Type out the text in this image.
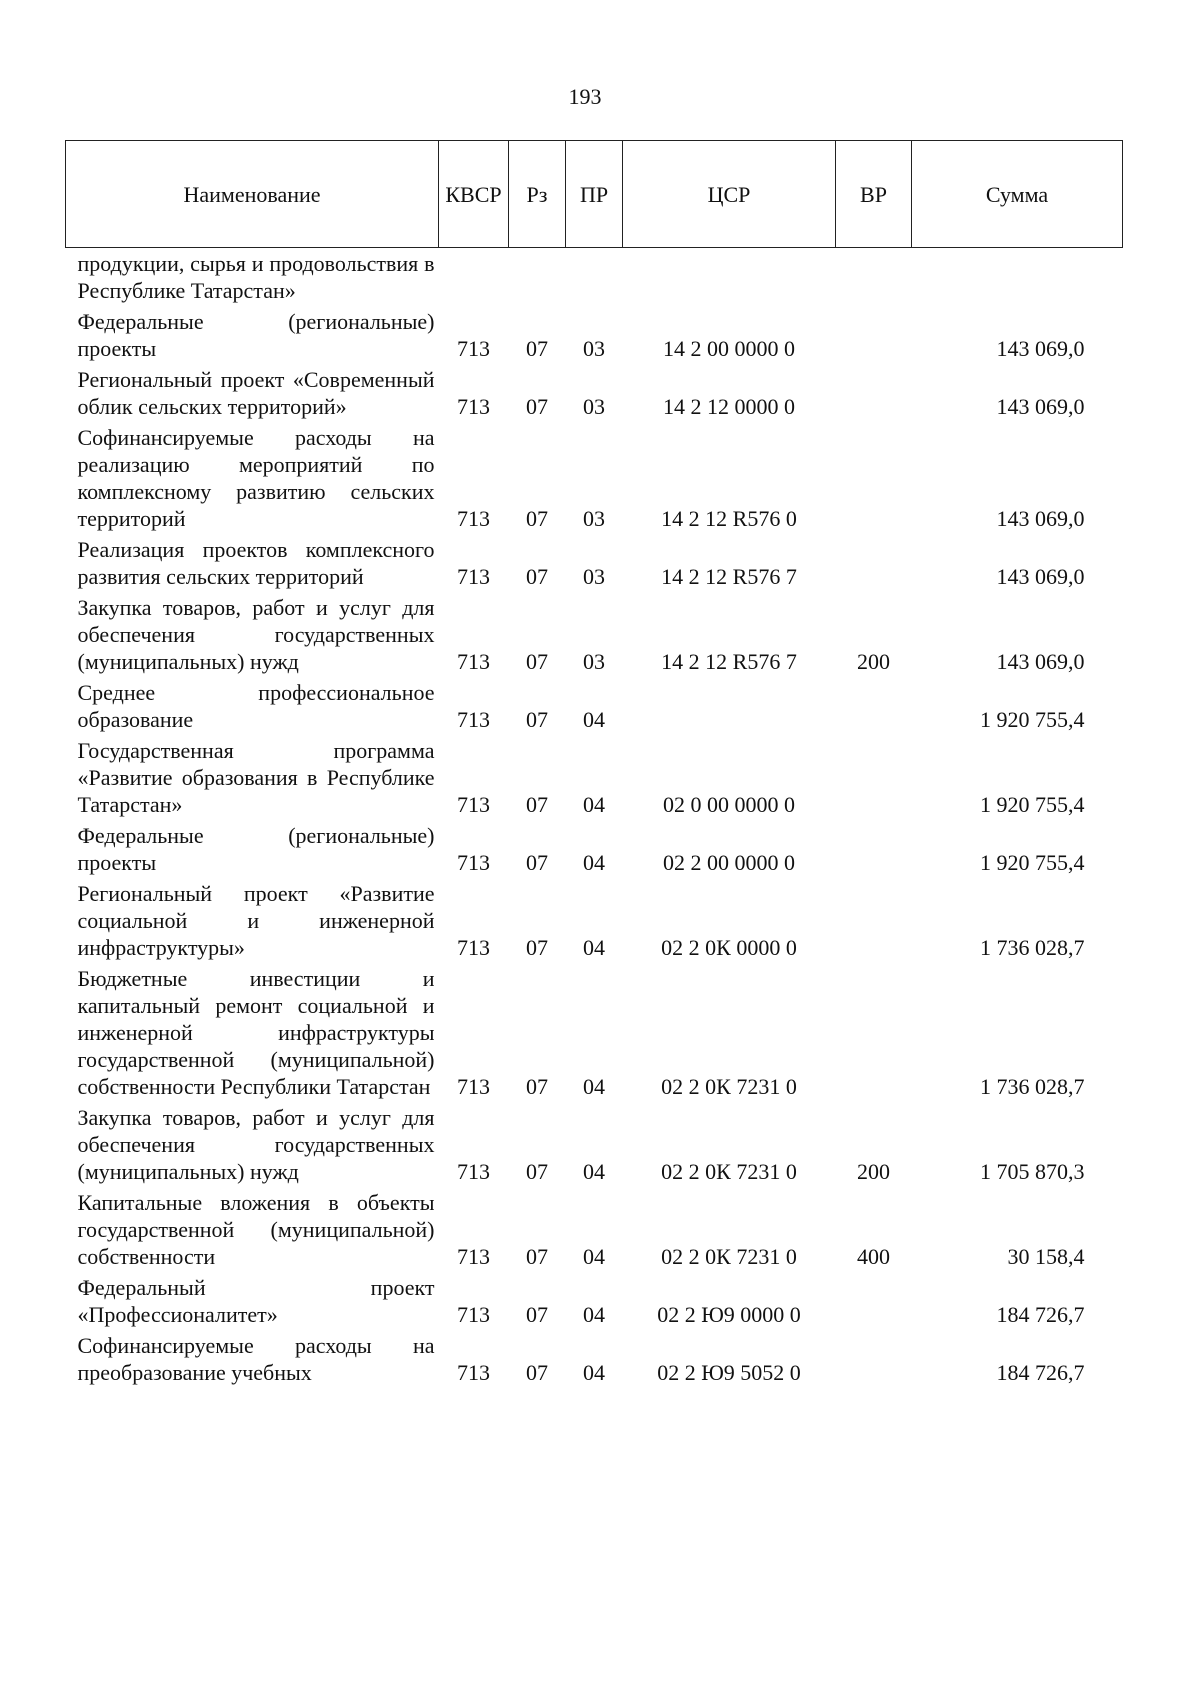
193
Наименование	КВСР	Рз	ПР	ЦСР	ВР	Сумма
продукции, сырья и продовольствия в Республике Татарстан»						
Федеральные (региональные) проекты	713	07	03	14 2 00 0000 0		143 069,0
Региональный проект «Современный облик сельских территорий»	713	07	03	14 2 12 0000 0		143 069,0
Софинансируемые расходы на реализацию мероприятий по комплексному развитию сельских территорий	713	07	03	14 2 12 R576 0		143 069,0
Реализация проектов комплексного развития сельских территорий	713	07	03	14 2 12 R576 7		143 069,0
Закупка товаров, работ и услуг для обеспечения государственных (муниципальных) нужд	713	07	03	14 2 12 R576 7	200	143 069,0
Среднее профессиональное образование	713	07	04			1 920 755,4
Государственная программа «Развитие образования в Республике Татарстан»	713	07	04	02 0 00 0000 0		1 920 755,4
Федеральные (региональные) проекты	713	07	04	02 2 00 0000 0		1 920 755,4
Региональный проект «Развитие социальной и инженерной инфраструктуры»	713	07	04	02 2 0К 0000 0		1 736 028,7
Бюджетные инвестиции и капитальный ремонт социальной и инженерной инфраструктуры государственной (муниципальной) собственности Республики Татарстан	713	07	04	02 2 0К 7231 0		1 736 028,7
Закупка товаров, работ и услуг для обеспечения государственных (муниципальных) нужд	713	07	04	02 2 0К 7231 0	200	1 705 870,3
Капитальные вложения в объекты государственной (муниципальной) собственности	713	07	04	02 2 0К 7231 0	400	30 158,4
Федеральный проект «Профессионалитет»	713	07	04	02 2 Ю9 0000 0		184 726,7
Софинансируемые расходы на преобразование учебных	713	07	04	02 2 Ю9 5052 0		184 726,7
